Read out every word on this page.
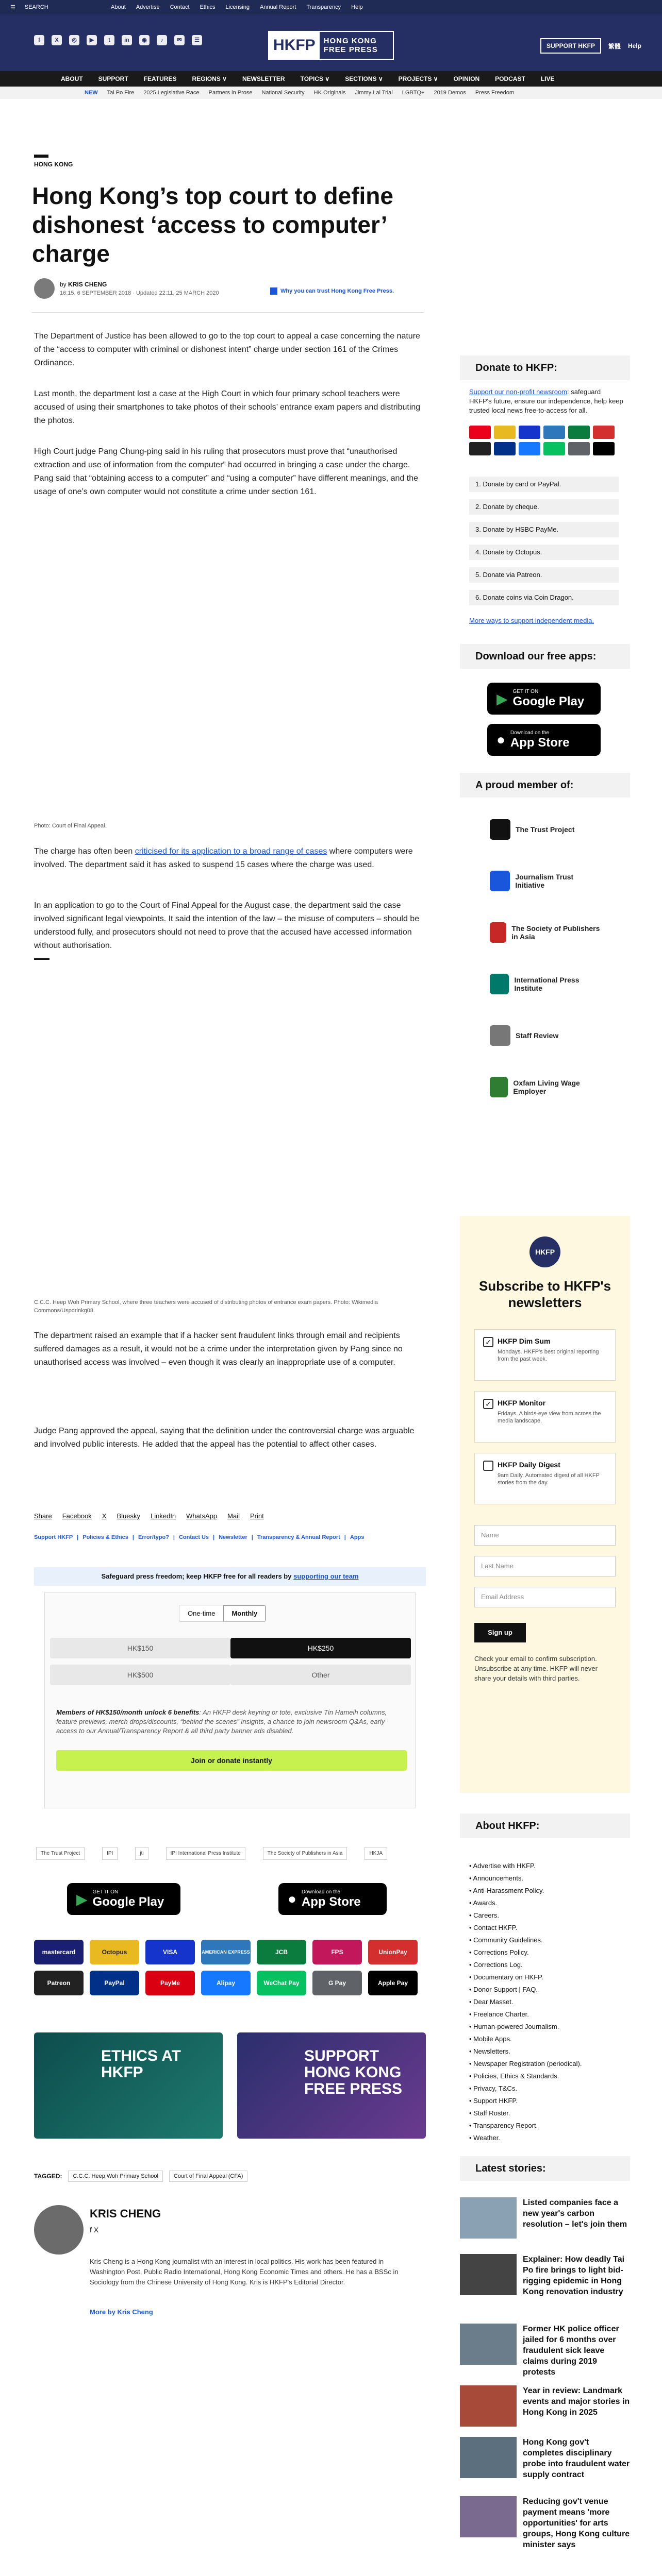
☰ SEARCH	About Advertise Contact Ethics Licensing Annual Report Transparency Help
f	X	◎	▶	t	in	◉	♪	✉	☰	HKFP	HONG KONG
FREE PRESS	SUPPORT HKFP	繁體 Help
ABOUT	SUPPORT	FEATURES	REGIONS ∨	NEWSLETTER	TOPICS ∨	SECTIONS ∨	PROJECTS ∨	OPINION	PODCAST	LIVE
NEW Tai Po Fire 2025 Legislative Race Partners in Prose National Security HK Originals Jimmy Lai Trial LGBTQ+ 2019 Demos Press Freedom
HONG KONG
Hong Kong’s top court to define dishonest ‘access to computer’ charge
by KRIS CHENG
16:15, 6 SEPTEMBER 2018 · Updated 22:11, 25 MARCH 2020	Why you can trust Hong Kong Free Press.

The Department of Justice has been allowed to go to the top court to appeal a case concerning the nature of the “access to computer with criminal or dishonest intent” charge under section 161 of the Crimes Ordinance.

Last month, the department lost a case at the High Court in which four primary school teachers were accused of using their smartphones to take photos of their schools’ entrance exam papers and distributing the photos.

High Court judge Pang Chung-ping said in his ruling that prosecutors must prove that “unauthorised extraction and use of information from the computer” had occurred in bringing a case under the charge. Pang said that “obtaining access to a computer” and “using a computer” have different meanings, and the usage of one’s own computer would not constitute a crime under section 161.

Photo: Court of Final Appeal.

The charge has often been criticised for its application to a broad range of cases where computers were involved. The department said it has asked to suspend 15 cases where the charge was used.

In an application to go to the Court of Final Appeal for the August case, the department said the case involved significant legal viewpoints. It said the intention of the law – the misuse of computers – should be understood fully, and prosecutors should not need to prove that the accused have accessed information without authorisation.

C.C.C. Heep Woh Primary School, where three teachers were accused of distributing photos of entrance exam papers. Photo: Wikimedia Commons/Uspdrinkg08.

The department raised an example that if a hacker sent fraudulent links through email and recipients suffered damages as a result, it would not be a crime under the interpretation given by Pang since no unauthorised access was involved – even though it was clearly an inappropriate use of a computer.

Judge Pang approved the appeal, saying that the definition under the controversial charge was arguable and involved public interests. He added that the appeal has the potential to affect other cases.

Share Facebook X Bluesky LinkedIn WhatsApp Mail Print
Support HKFP | Policies & Ethics | Error/typo? | Contact Us | Newsletter | Transparency & Annual Report | Apps
Safeguard press freedom; keep HKFP free for all readers by supporting our team
One-time	Monthly
HK$150	HK$250
HK$500	Other

Members of HK$150/month unlock 6 benefits: An HKFP desk keyring or tote, exclusive Tin Hameih columns, feature previews, merch drops/discounts, “behind the scenes” insights, a chance to join newsroom Q&As, early access to our Annual/Transparency Report & all third party banner ads disabled.

Join or donate instantly
The Trust Project	IPI	jti	IPI International Press Institute	The Society of Publishers in Asia	HKJA
▶ GET IT ON
Google Play	● Download on the
App Store
mastercard	Octopus	VISA	AMERICAN EXPRESS	JCB	FPS	UnionPay
Patreon	PayPal	PayMe	Alipay	WeChat Pay	G Pay	Apple Pay
ETHICS AT HKFP
SUPPORT HONG KONG FREE PRESS
TAGGED:	C.C.C. Heep Woh Primary School	Court of Final Appeal (CFA)
KRIS CHENG
f X

Kris Cheng is a Hong Kong journalist with an interest in local politics. His work has been featured in Washington Post, Public Radio International, Hong Kong Economic Times and others. He has a BSSc in Sociology from the Chinese University of Hong Kong. Kris is HKFP's Editorial Director.

More by Kris Cheng
Donate to HKFP:

Support our non-profit newsroom: safeguard HKFP's future, ensure our independence, help keep trusted local news free-to-access for all.

1. Donate by card or PayPal.
2. Donate by cheque.
3. Donate by HSBC PayMe.
4. Donate by Octopus.
5. Donate via Patreon.
6. Donate coins via Coin Dragon.

More ways to support independent media.

Download our free apps:
▶ GET IT ON
Google Play
● Download on the
App Store
A proud member of:
The Trust Project
Journalism Trust Initiative
The Society of Publishers in Asia
International Press Institute
Staff Review
Oxfam Living Wage Employer
HKFP
Subscribe to HKFP's newsletters
✓ HKFP Dim Sum
Mondays. HKFP's best original reporting from the past week.
✓ HKFP Monitor
Fridays. A birds-eye view from across the media landscape.
HKFP Daily Digest
9am Daily. Automated digest of all HKFP stories from the day.
Name
Last Name
Email Address
Sign up

Check your email to confirm subscription. Unsubscribe at any time. HKFP will never share your details with third parties.

About HKFP:
• Advertise with HKFP.
• Announcements.
• Anti-Harassment Policy.
• Awards.
• Careers.
• Contact HKFP.
• Community Guidelines.
• Corrections Policy.
• Corrections Log.
• Documentary on HKFP.
• Donor Support | FAQ.
• Dear Masset.
• Freelance Charter.
• Human-powered Journalism.
• Mobile Apps.
• Newsletters.
• Newspaper Registration (periodical).
• Policies, Ethics & Standards.
• Privacy, T&Cs.
• Support HKFP.
• Staff Roster.
• Transparency Report.
• Weather.
Latest stories:
Listed companies face a new year's carbon resolution – let's join them
Explainer: How deadly Tai Po fire brings to light bid-rigging epidemic in Hong Kong renovation industry
Former HK police officer jailed for 6 months over fraudulent sick leave claims during 2019 protests
Year in review: Landmark events and major stories in Hong Kong in 2025
Hong Kong gov't completes disciplinary probe into fraudulent water supply contract
Reducing gov't venue payment means 'more opportunities' for arts groups, Hong Kong culture minister says
